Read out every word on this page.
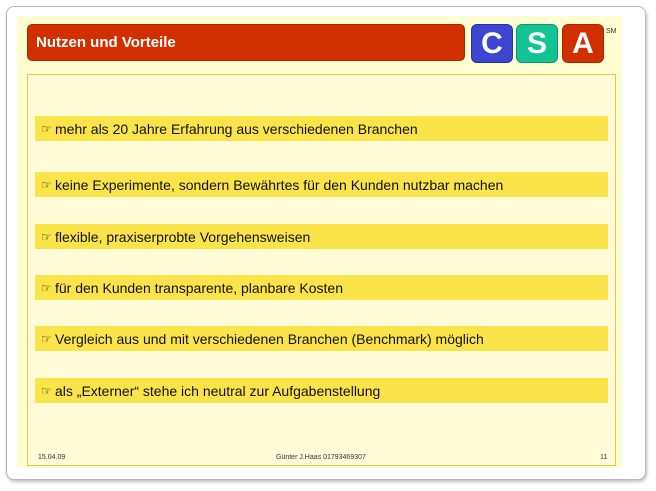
Nutzen und Vorteile	C S A	SM
☞ mehr als 20 Jahre Erfahrung aus verschiedenen Branchen
☞ keine Experimente, sondern Bewährtes für den Kunden nutzbar machen
☞ flexible, praxiserprobte Vorgehensweisen
☞ für den Kunden transparente, planbare Kosten
☞ Vergleich aus und mit verschiedenen Branchen (Benchmark) möglich
☞ als „Externer“ stehe ich neutral zur Aufgabenstellung
15.04.09	Günter J.Haas 01793469307	11
